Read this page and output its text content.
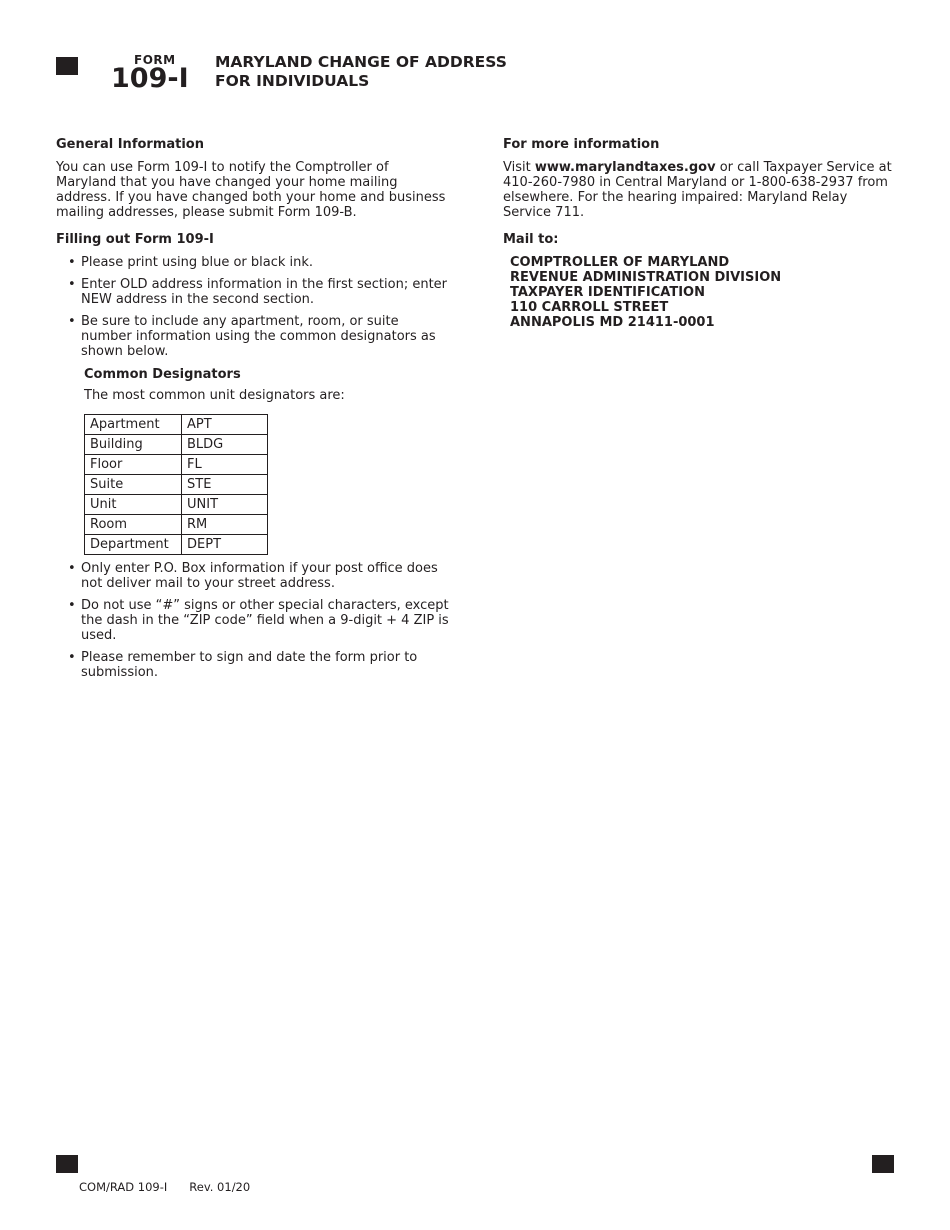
FORM
109-I
MARYLAND CHANGE OF ADDRESS
FOR INDIVIDUALS
General Information

You can use Form 109-I to notify the Comptroller of Maryland that you have changed your home mailing address. If you have changed both your home and business mailing addresses, please submit Form 109-B.

Filling out Form 109-I
• Please print using blue or black ink.
• Enter OLD address information in the first section; enter NEW address in the second section.
• Be sure to include any apartment, room, or suite number information using the common designators as shown below.
Common Designators

The most common unit designators are:

Apartment	APT
Building	BLDG
Floor	FL
Suite	STE
Unit	UNIT
Room	RM
Department	DEPT
• Only enter P.O. Box information if your post office does not deliver mail to your street address.
• Do not use “#” signs or other special characters, except the dash in the “ZIP code” field when a 9-digit + 4 ZIP is used.
• Please remember to sign and date the form prior to submission.
For more information

Visit www.marylandtaxes.gov or call Taxpayer Service at 410-260-7980 in Central Maryland or 1-800-638-2937 from elsewhere. For the hearing impaired: Maryland Relay Service 711.

Mail to:
COMPTROLLER OF MARYLAND
REVENUE ADMINISTRATION DIVISION
TAXPAYER IDENTIFICATION
110 CARROLL STREET
ANNAPOLIS MD 21411-0001
COM/RAD 109-I Rev. 01/20
